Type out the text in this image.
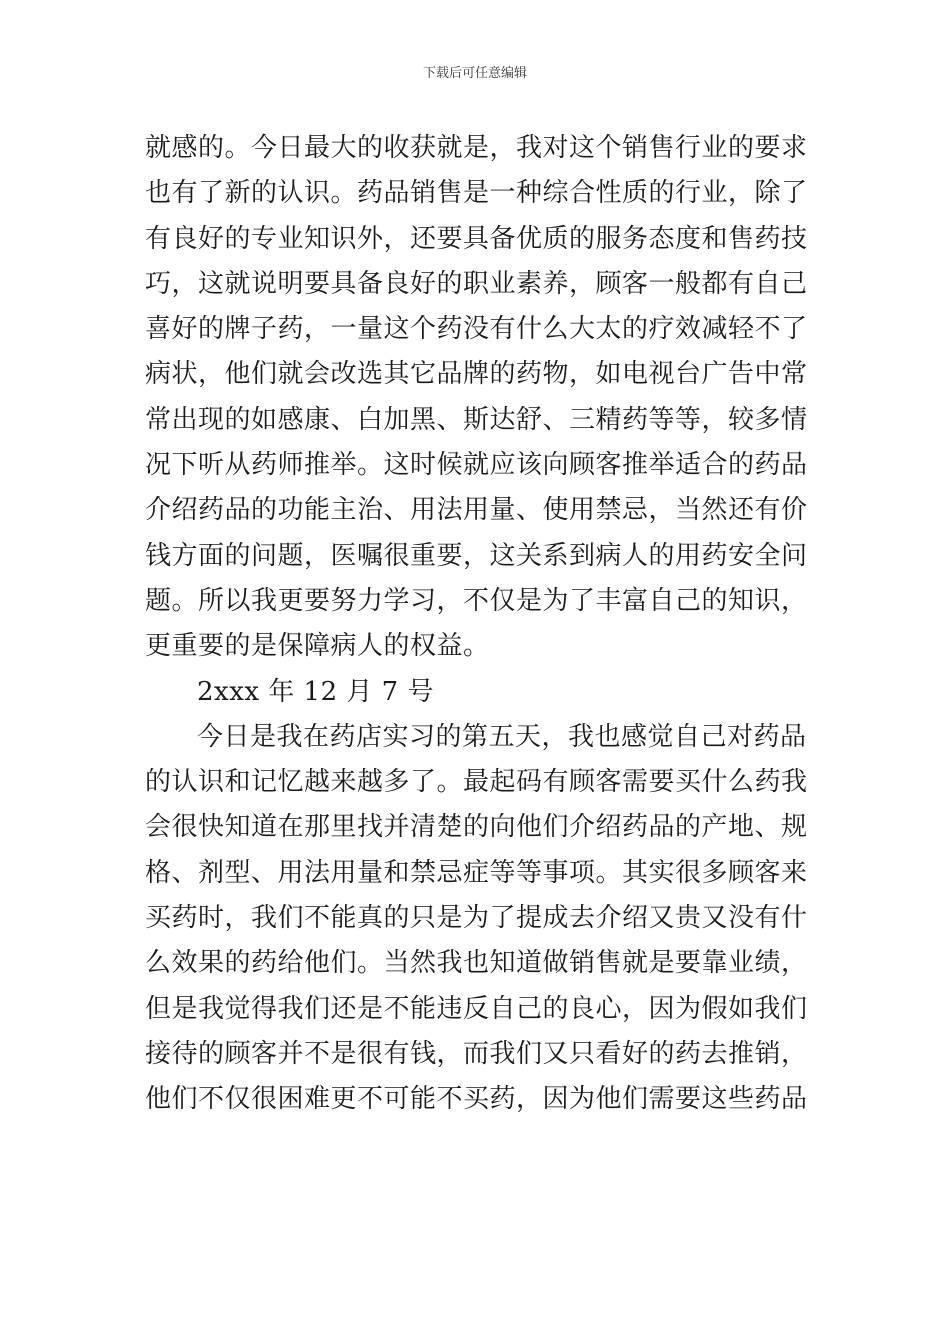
下载后可任意编辑
就感的。今日最大的收获就是，我对这个销售行业的要求
也有了新的认识。药品销售是一种综合性质的行业，除了
有良好的专业知识外，还要具备优质的服务态度和售药技
巧，这就说明要具备良好的职业素养，顾客一般都有自己
喜好的牌子药，一量这个药没有什么大太的疗效减轻不了
病状，他们就会改选其它品牌的药物，如电视台广告中常
常出现的如感康、白加黑、斯达舒、三精药等等，较多情
况下听从药师推举。这时候就应该向顾客推举适合的药品
介绍药品的功能主治、用法用量、使用禁忌，当然还有价
钱方面的问题，医嘱很重要，这关系到病人的用药安全问
题。所以我更要努力学习，不仅是为了丰富自己的知识，
更重要的是保障病人的权益。
2xxx 年 12 月 7 号
今日是我在药店实习的第五天，我也感觉自己对药品
的认识和记忆越来越多了。最起码有顾客需要买什么药我
会很快知道在那里找并清楚的向他们介绍药品的产地、规
格、剂型、用法用量和禁忌症等等事项。其实很多顾客来
买药时，我们不能真的只是为了提成去介绍又贵又没有什
么效果的药给他们。当然我也知道做销售就是要靠业绩，
但是我觉得我们还是不能违反自己的良心，因为假如我们
接待的顾客并不是很有钱，而我们又只看好的药去推销，
他们不仅很困难更不可能不买药，因为他们需要这些药品
